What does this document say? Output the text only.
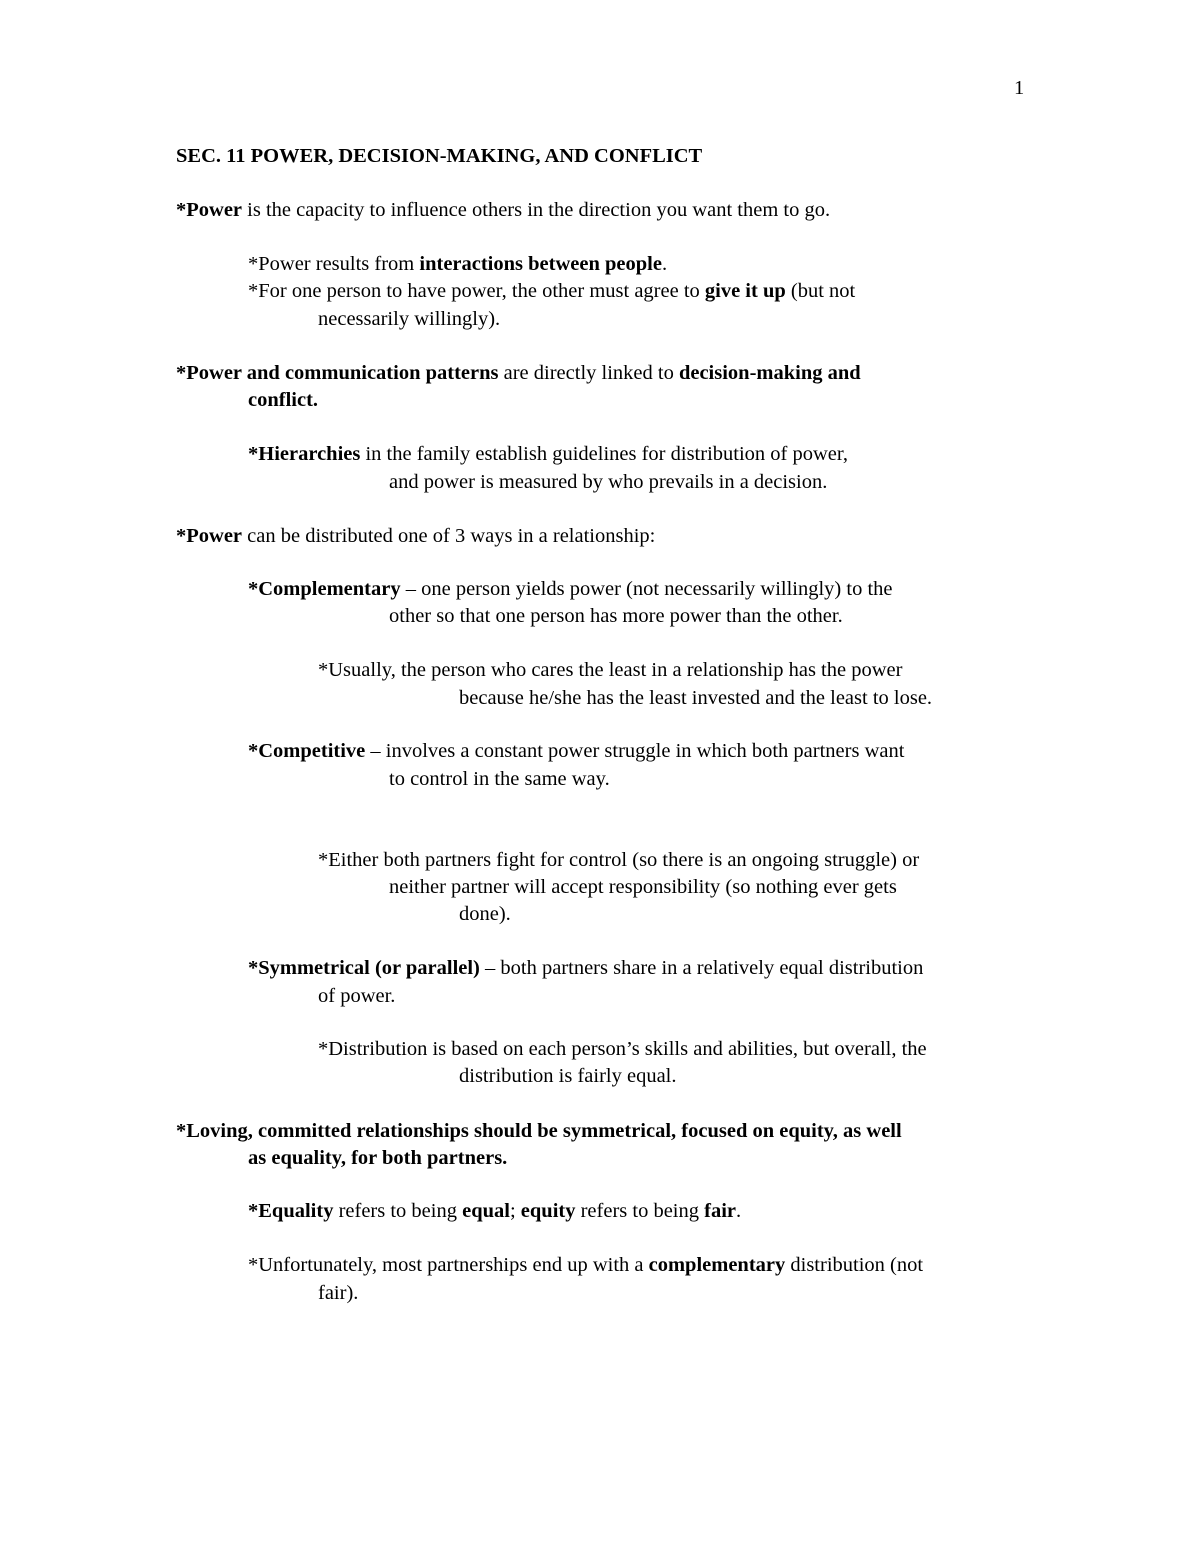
1
SEC. 11 POWER, DECISION-MAKING, AND CONFLICT
*Power is the capacity to influence others in the direction you want them to go.
*Power results from interactions between people.
*For one person to have power, the other must agree to give it up (but not
necessarily willingly).
*Power and communication patterns are directly linked to decision-making and
conflict.
*Hierarchies in the family establish guidelines for distribution of power,
and power is measured by who prevails in a decision.
*Power can be distributed one of 3 ways in a relationship:
*Complementary – one person yields power (not necessarily willingly) to the
other so that one person has more power than the other.
*Usually, the person who cares the least in a relationship has the power
because he/she has the least invested and the least to lose.
*Competitive – involves a constant power struggle in which both partners want
to control in the same way.
*Either both partners fight for control (so there is an ongoing struggle) or
neither partner will accept responsibility (so nothing ever gets
done).
*Symmetrical (or parallel) – both partners share in a relatively equal distribution
of power.
*Distribution is based on each person’s skills and abilities, but overall, the
distribution is fairly equal.
*Loving, committed relationships should be symmetrical, focused on equity, as well
as equality, for both partners.
*Equality refers to being equal; equity refers to being fair.
*Unfortunately, most partnerships end up with a complementary distribution (not
fair).
